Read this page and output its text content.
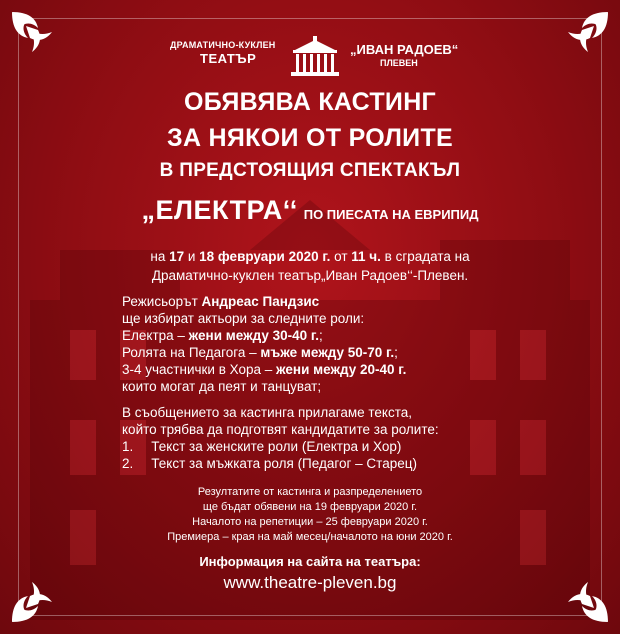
ДРАМАТИЧНО-КУКЛЕН
ТЕАТЪР
„ИВАН РАДОЕВ“
ПЛЕВЕН
ОБЯВЯВА КАСТИНГ
ЗА НЯКОИ ОТ РОЛИТЕ
В ПРЕДСТОЯЩИЯ СПЕКТАКЪЛ
„ЕЛЕКТРА‘‘ ПО ПИЕСАТА НА ЕВРИПИД
на 17 и 18 февруари 2020 г. от 11 ч. в сградата на
Драматично-куклен театър„Иван Радоев‘‘-Плевен.
Режисьорът Андреас Пандзис
ще избират актьори за следните роли:
Електра – жени между 30-40 г.;
Ролята на Педагога – мъже между 50-70 г.;
3-4 участнички в Хора – жени между 20-40 г.
които могат да пеят и танцуват;
В съобщението за кастинга прилагаме текста,
който трябва да подготвят кандидатите за ролите:
1. Текст за женските роли (Електра и Хор)
2. Текст за мъжката роля (Педагог – Старец)
Резултатите от кастинга и разпределението
ще бъдат обявени на 19 февруари 2020 г.
Началото на репетиции – 25 февруари 2020 г.
Премиера – края на май месец/началото на юни 2020 г.
Информация на сайта на театъра:
www.theatre-pleven.bg
